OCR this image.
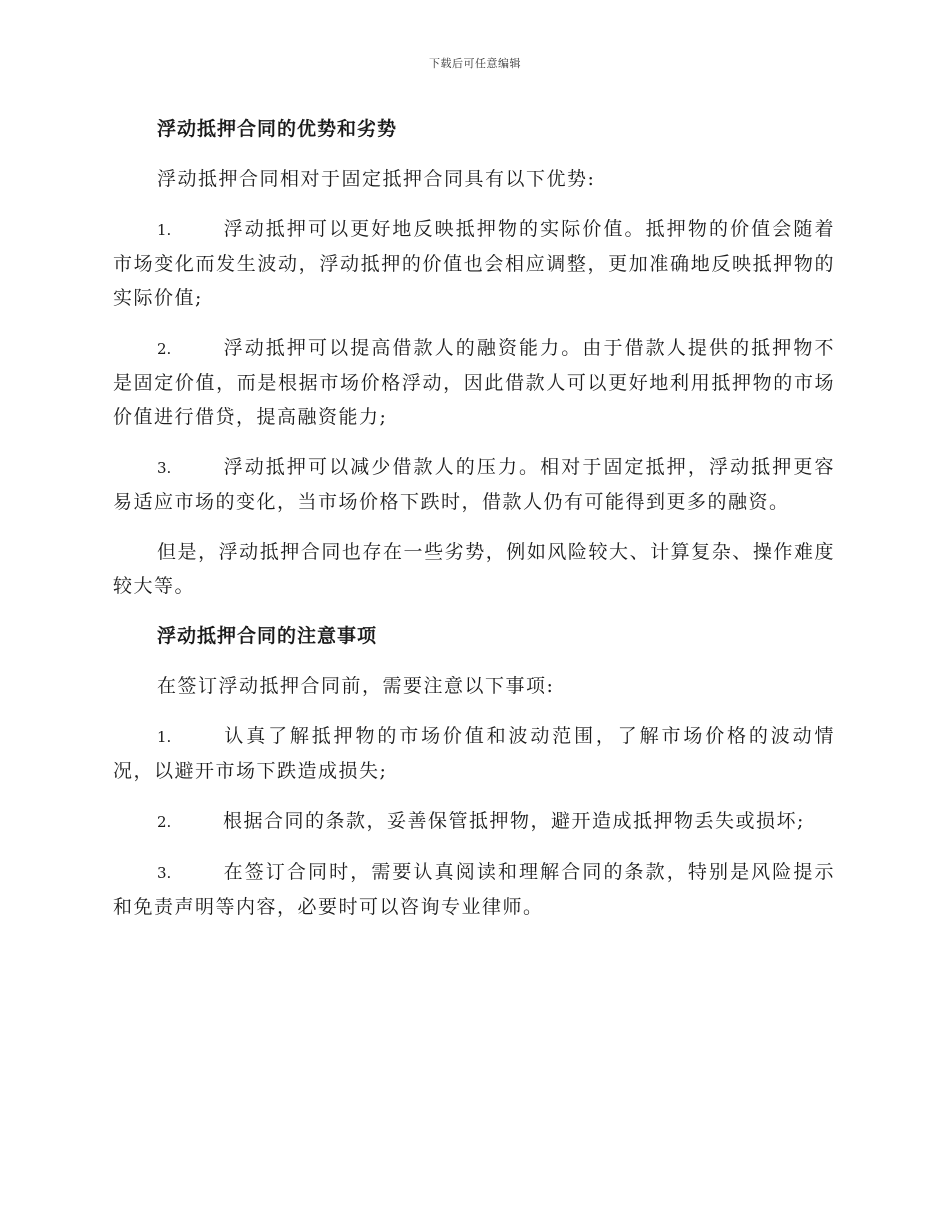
下载后可任意编辑

浮动抵押合同的优势和劣势

浮动抵押合同相对于固定抵押合同具有以下优势:

1.	浮动抵押可以更好地反映抵押物的实际价值。抵押物的价值会随着市场变化而发生波动，浮动抵押的价值也会相应调整，更加准确地反映抵押物的实际价值;

2.	浮动抵押可以提高借款人的融资能力。由于借款人提供的抵押物不是固定价值，而是根据市场价格浮动，因此借款人可以更好地利用抵押物的市场价值进行借贷，提高融资能力;

3.	浮动抵押可以减少借款人的压力。相对于固定抵押，浮动抵押更容易适应市场的变化，当市场价格下跌时，借款人仍有可能得到更多的融资。

但是，浮动抵押合同也存在一些劣势，例如风险较大、计算复杂、操作难度较大等。

浮动抵押合同的注意事项

在签订浮动抵押合同前，需要注意以下事项:

1.	认真了解抵押物的市场价值和波动范围，了解市场价格的波动情况，以避开市场下跌造成损失;

2.	根据合同的条款，妥善保管抵押物，避开造成抵押物丢失或损坏;

3.	在签订合同时，需要认真阅读和理解合同的条款，特别是风险提示和免责声明等内容，必要时可以咨询专业律师。
